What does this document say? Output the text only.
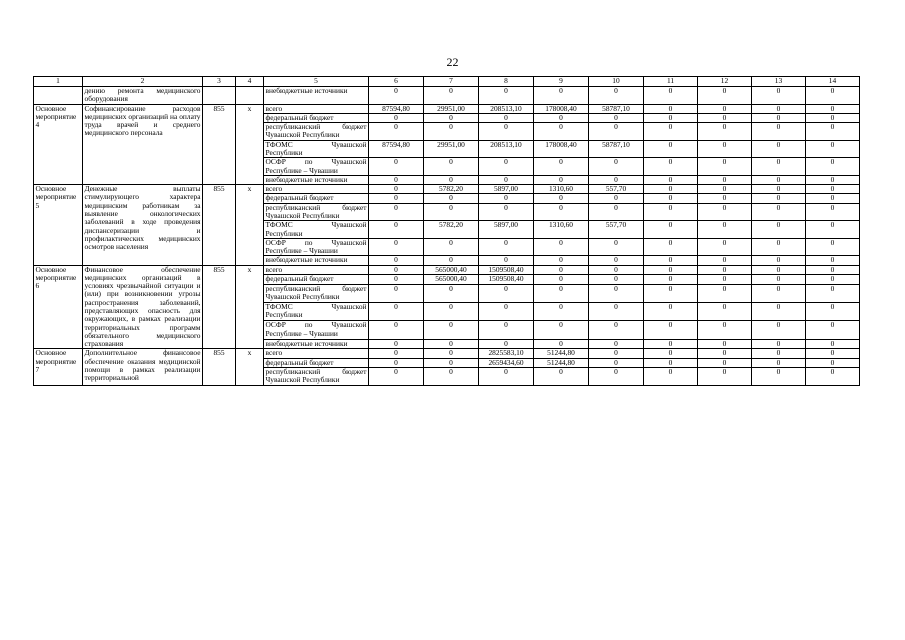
22
1	2	3	4	5	6	7	8	9	10	11	12	13	14
	дению ремонта медицинского оборудования			внебюджетные источники	0	0	0	0	0	0	0	0	0
Основное мероприятие 4	Софинансирование расходов медицинских организаций на оплату труда врачей и среднего медицинского персонала	855	х	всего	87594,80	29951,00	208513,10	178008,40	58787,10	0	0	0	0
				федеральный бюджет	0	0	0	0	0	0	0	0	0
				республиканский бюджет Чувашской Республики	0	0	0	0	0	0	0	0	0
				ТФОМС Чувашской Республики	87594,80	29951,00	208513,10	178008,40	58787,10	0	0	0	0
				ОСФР по Чувашской Республике – Чувашии	0	0	0	0	0	0	0	0	0
				внебюджетные источники	0	0	0	0	0	0	0	0	0
Основное мероприятие 5	Денежные выплаты стимулирующего характера медицинским работникам за выявление онкологических заболеваний в ходе проведения диспансеризации и профилактических медицинских осмотров населения	855	х	всего	0	5782,20	5897,00	1310,60	557,70	0	0	0	0
				федеральный бюджет	0	0	0	0	0	0	0	0	0
				республиканский бюджет Чувашской Республики	0	0	0	0	0	0	0	0	0
				ТФОМС Чувашской Республики	0	5782,20	5897,00	1310,60	557,70	0	0	0	0
				ОСФР по Чувашской Республике – Чувашии	0	0	0	0	0	0	0	0	0
				внебюджетные источники	0	0	0	0	0	0	0	0	0
Основное мероприятие 6	Финансовое обеспечение медицинских организаций в условиях чрезвычайной ситуации и (или) при возникновении угрозы распространения заболеваний, представляющих опасность для окружающих, в рамках реализации территориальных программ обязательного медицинского страхования	855	х	всего	0	565000,40	1509508,40	0	0	0	0	0	0
				федеральный бюджет	0	565000,40	1509508,40	0	0	0	0	0	0
				республиканский бюджет Чувашской Республики	0	0	0	0	0	0	0	0	0
				ТФОМС Чувашской Республики	0	0	0	0	0	0	0	0	0
				ОСФР по Чувашской Республике – Чувашии	0	0	0	0	0	0	0	0	0
				внебюджетные источники	0	0	0	0	0	0	0	0	0
Основное мероприятие 7	Дополнительное финансовое обеспечение оказания медицинской помощи в рамках реализации территориальной	855	х	всего	0	0	2825583,10	51244,80	0	0	0	0	0
				федеральный бюджет	0	0	2659434,60	51244,80	0	0	0	0	0
				республиканский бюджет Чувашской Республики	0	0	0	0	0	0	0	0	0
